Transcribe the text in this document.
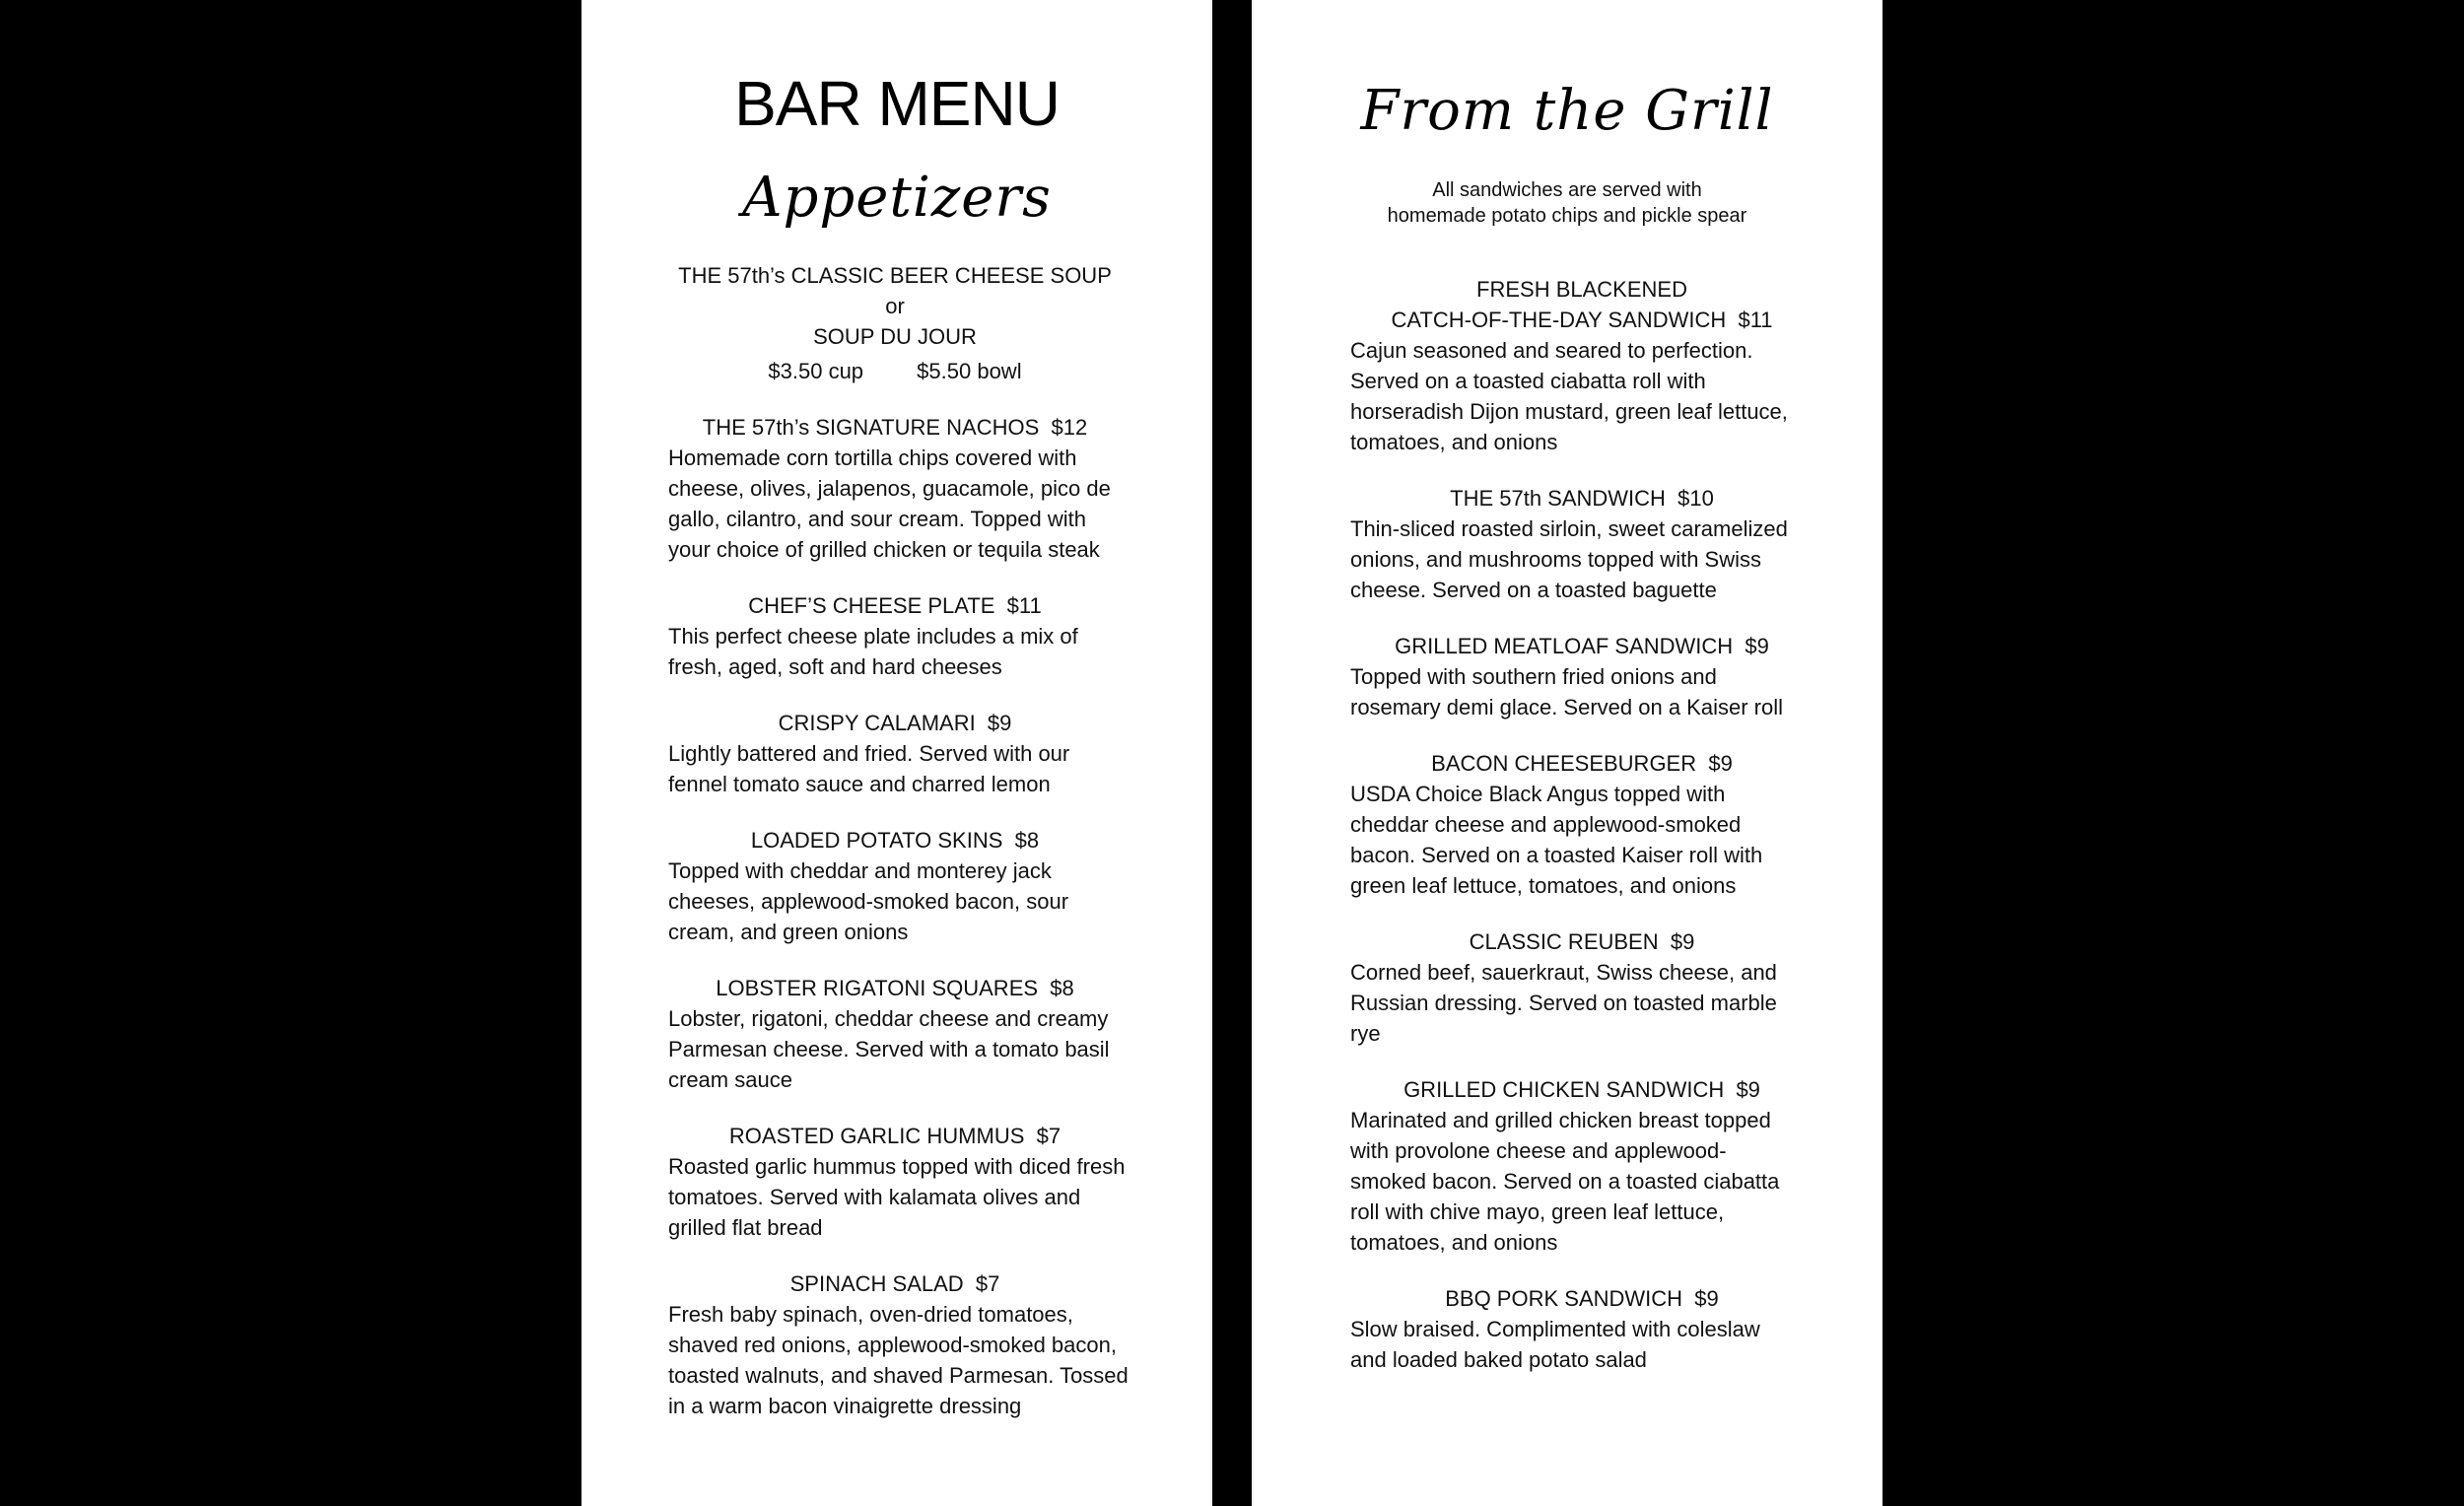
BAR MENU
Appetizers
THE 57th’s CLASSIC BEER CHEESE SOUP
or
SOUP DU JOUR
$3.50 cup $5.50 bowl
THE 57th’s SIGNATURE NACHOS  $12
Homemade corn tortilla chips covered with
cheese, olives, jalapenos, guacamole, pico de
gallo, cilantro, and sour cream. Topped with
your choice of grilled chicken or tequila steak
CHEF’S CHEESE PLATE  $11
This perfect cheese plate includes a mix of
fresh, aged, soft and hard cheeses
CRISPY CALAMARI  $9
Lightly battered and fried. Served with our
fennel tomato sauce and charred lemon
LOADED POTATO SKINS  $8
Topped with cheddar and monterey jack
cheeses, applewood-smoked bacon, sour
cream, and green onions
LOBSTER RIGATONI SQUARES  $8
Lobster, rigatoni, cheddar cheese and creamy
Parmesan cheese. Served with a tomato basil
cream sauce
ROASTED GARLIC HUMMUS  $7
Roasted garlic hummus topped with diced fresh
tomatoes. Served with kalamata olives and
grilled flat bread
SPINACH SALAD  $7
Fresh baby spinach, oven-dried tomatoes,
shaved red onions, applewood-smoked bacon,
toasted walnuts, and shaved Parmesan. Tossed
in a warm bacon vinaigrette dressing
From the Grill
All sandwiches are served with
homemade potato chips and pickle spear
FRESH BLACKENED
CATCH-OF-THE-DAY SANDWICH  $11
Cajun seasoned and seared to perfection.
Served on a toasted ciabatta roll with
horseradish Dijon mustard, green leaf lettuce,
tomatoes, and onions
THE 57th SANDWICH  $10
Thin-sliced roasted sirloin, sweet caramelized
onions, and mushrooms topped with Swiss
cheese. Served on a toasted baguette
GRILLED MEATLOAF SANDWICH  $9
Topped with southern fried onions and
rosemary demi glace. Served on a Kaiser roll
BACON CHEESEBURGER  $9
USDA Choice Black Angus topped with
cheddar cheese and applewood-smoked
bacon. Served on a toasted Kaiser roll with
green leaf lettuce, tomatoes, and onions
CLASSIC REUBEN  $9
Corned beef, sauerkraut, Swiss cheese, and
Russian dressing. Served on toasted marble
rye
GRILLED CHICKEN SANDWICH  $9
Marinated and grilled chicken breast topped
with provolone cheese and applewood-
smoked bacon. Served on a toasted ciabatta
roll with chive mayo, green leaf lettuce,
tomatoes, and onions
BBQ PORK SANDWICH  $9
Slow braised. Complimented with coleslaw
and loaded baked potato salad
